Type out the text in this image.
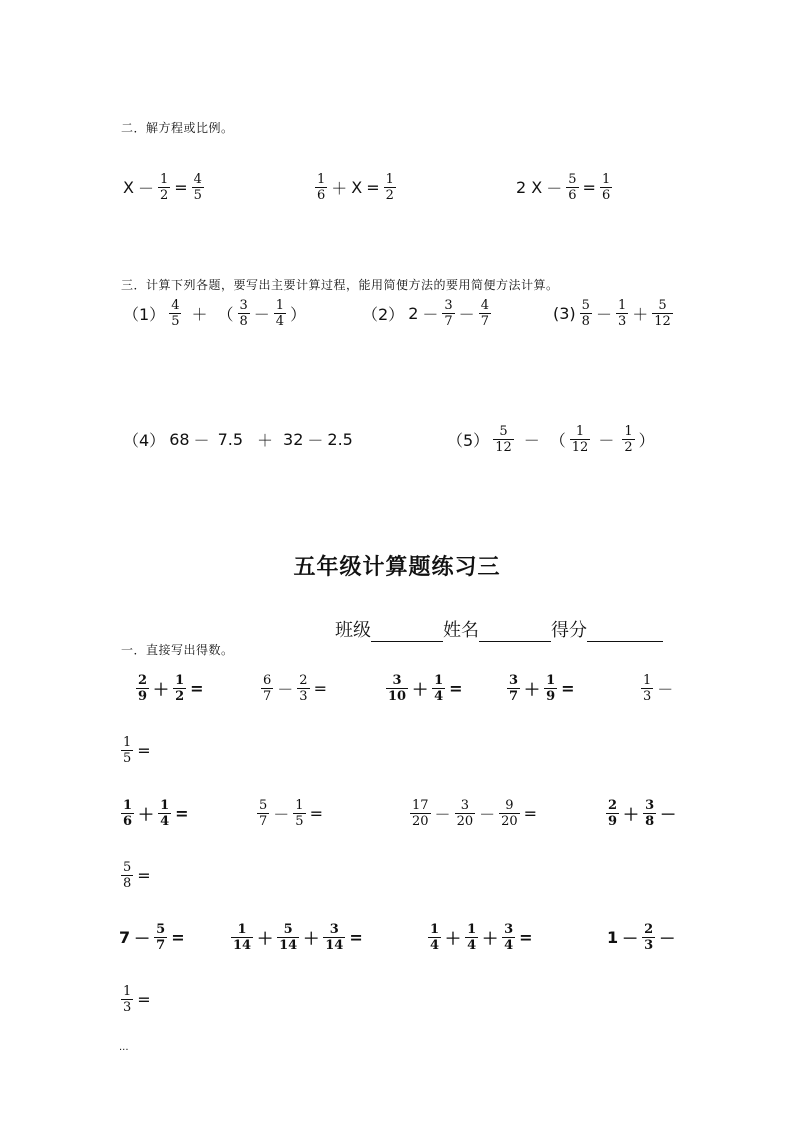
二．解方程或比例。
$X - \frac{1}{2} = \frac{4}{5}$	$\frac{1}{6} + X = \frac{1}{2}$	2 $X - \frac{5}{6} = \frac{1}{6}$
三．计算下列各题，要写出主要计算过程，能用简便方法的要用简便方法计算。
$(1) \frac{4}{5}$ ＋ （ $\frac{3}{8} - \frac{1}{4}$ ）	（2） $2 - \frac{3}{7} - \frac{4}{7}$	$(3) \frac{5}{8} - \frac{1}{3} + \frac{5}{12}$
（4） 68 － 7.5 ＋ 32 － 2.5	$(5) \frac{5}{12}$ － （ $\frac{1}{12} - \frac{1}{2}$ ）
五年级计算题练习三
班级	姓名	得分
一．直接写出得数。
$\frac{2}{9} + \frac{1}{2}$ =	$\frac{6}{7} - \frac{2}{3}$ =	$\frac{3}{10} + \frac{1}{4}$ =	$\frac{3}{7} + \frac{1}{9}$ =	$\frac{1}{3}$ －
$\frac{1}{5}$ =
$\frac{1}{6} + \frac{1}{4}$ =	$\frac{5}{7} - \frac{1}{5}$ =	$\frac{17}{20} - \frac{3}{20} - \frac{9}{20}$ =	$\frac{2}{9} + \frac{3}{8}$ －
$\frac{5}{8}$ =
$7 - \frac{5}{7}$ =	$\frac{1}{14} + \frac{5}{14} + \frac{3}{14}$ =	$\frac{1}{4} + \frac{1}{4} + \frac{3}{4}$ =	$1 - \frac{2}{3}$ －
$\frac{1}{3}$ =
...
